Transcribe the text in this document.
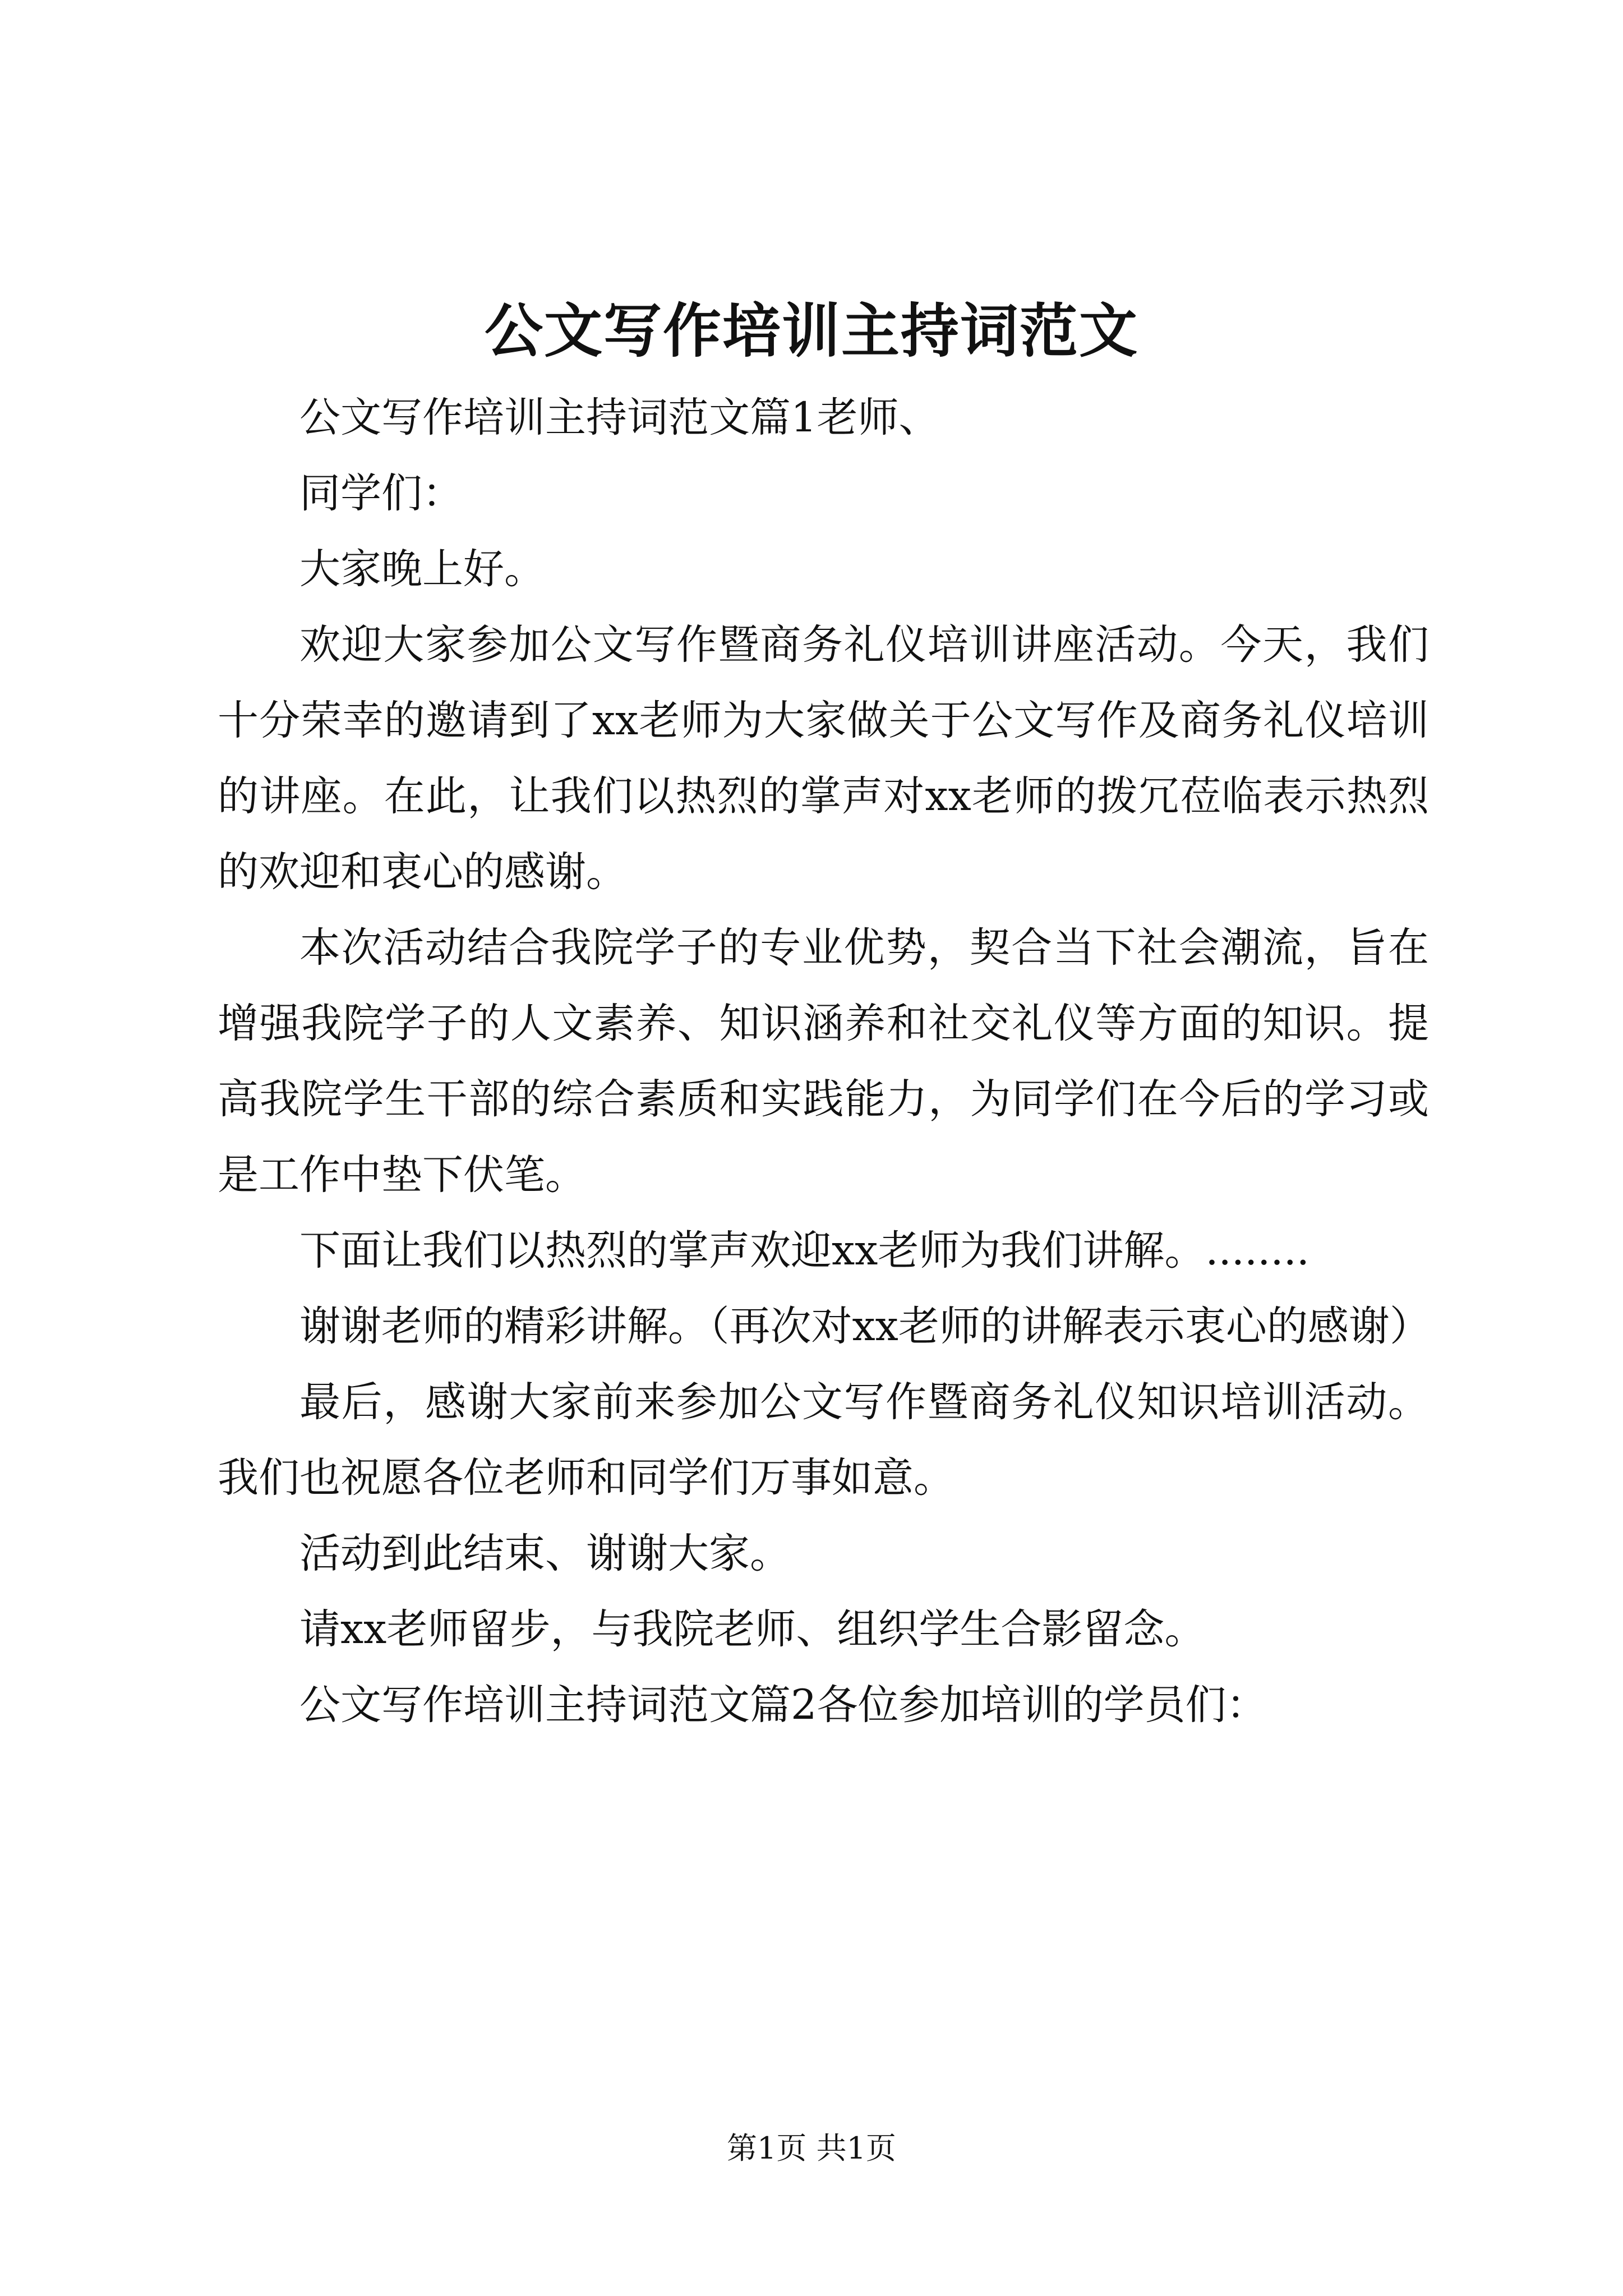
公文写作培训主持词范文

公文写作培训主持词范文篇1老师、

同学们：

大家晚上好。

欢迎大家参加公文写作暨商务礼仪培训讲座活动。今天，我们十分荣幸的邀请到了xx老师为大家做关于公文写作及商务礼仪培训的讲座。在此，让我们以热烈的掌声对xx老师的拨冗莅临表示热烈的欢迎和衷心的感谢。

本次活动结合我院学子的专业优势，契合当下社会潮流，旨在增强我院学子的人文素养、知识涵养和社交礼仪等方面的知识。提高我院学生干部的综合素质和实践能力，为同学们在今后的学习或是工作中垫下伏笔。

下面让我们以热烈的掌声欢迎xx老师为我们讲解。........

谢谢老师的精彩讲解。（再次对xx老师的讲解表示衷心的感谢）

最后，感谢大家前来参加公文写作暨商务礼仪知识培训活动。我们也祝愿各位老师和同学们万事如意。

活动到此结束、谢谢大家。

请xx老师留步，与我院老师、组织学生合影留念。

公文写作培训主持词范文篇2各位参加培训的学员们：

第1页 共1页
